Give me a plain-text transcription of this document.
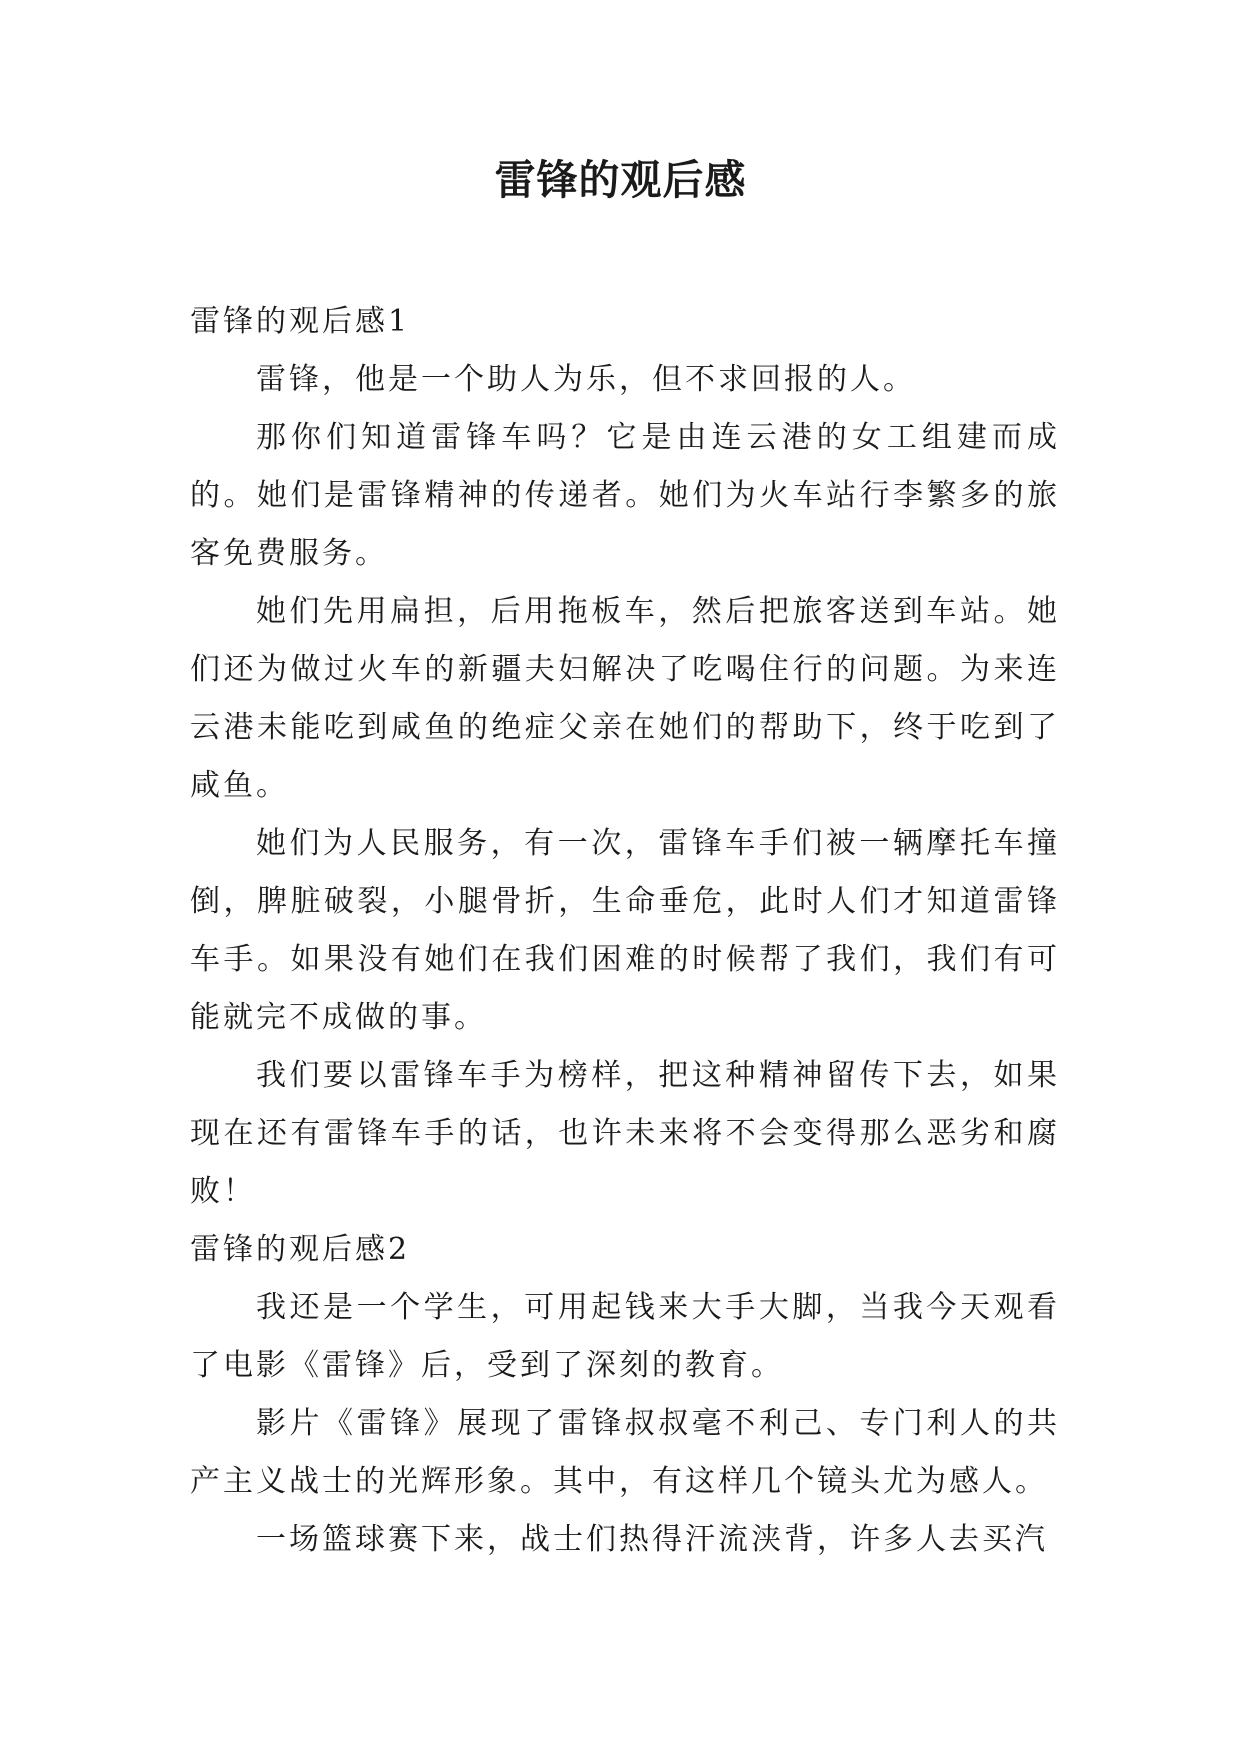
雷锋的观后感

雷锋的观后感1

雷锋，他是一个助人为乐，但不求回报的人。

那你们知道雷锋车吗？它是由连云港的女工组建而成的。她们是雷锋精神的传递者。她们为火车站行李繁多的旅客免费服务。

她们先用扁担，后用拖板车，然后把旅客送到车站。她们还为做过火车的新疆夫妇解决了吃喝住行的问题。为来连云港未能吃到咸鱼的绝症父亲在她们的帮助下，终于吃到了咸鱼。

她们为人民服务，有一次，雷锋车手们被一辆摩托车撞倒，脾脏破裂，小腿骨折，生命垂危，此时人们才知道雷锋车手。如果没有她们在我们困难的时候帮了我们，我们有可能就完不成做的事。

我们要以雷锋车手为榜样，把这种精神留传下去，如果现在还有雷锋车手的话，也许未来将不会变得那么恶劣和腐败！

雷锋的观后感2

我还是一个学生，可用起钱来大手大脚，当我今天观看了电影《雷锋》后，受到了深刻的教育。

影片《雷锋》展现了雷锋叔叔毫不利己、专门利人的共产主义战士的光辉形象。其中，有这样几个镜头尤为感人。

一场篮球赛下来，战士们热得汗流浃背，许多人去买汽
